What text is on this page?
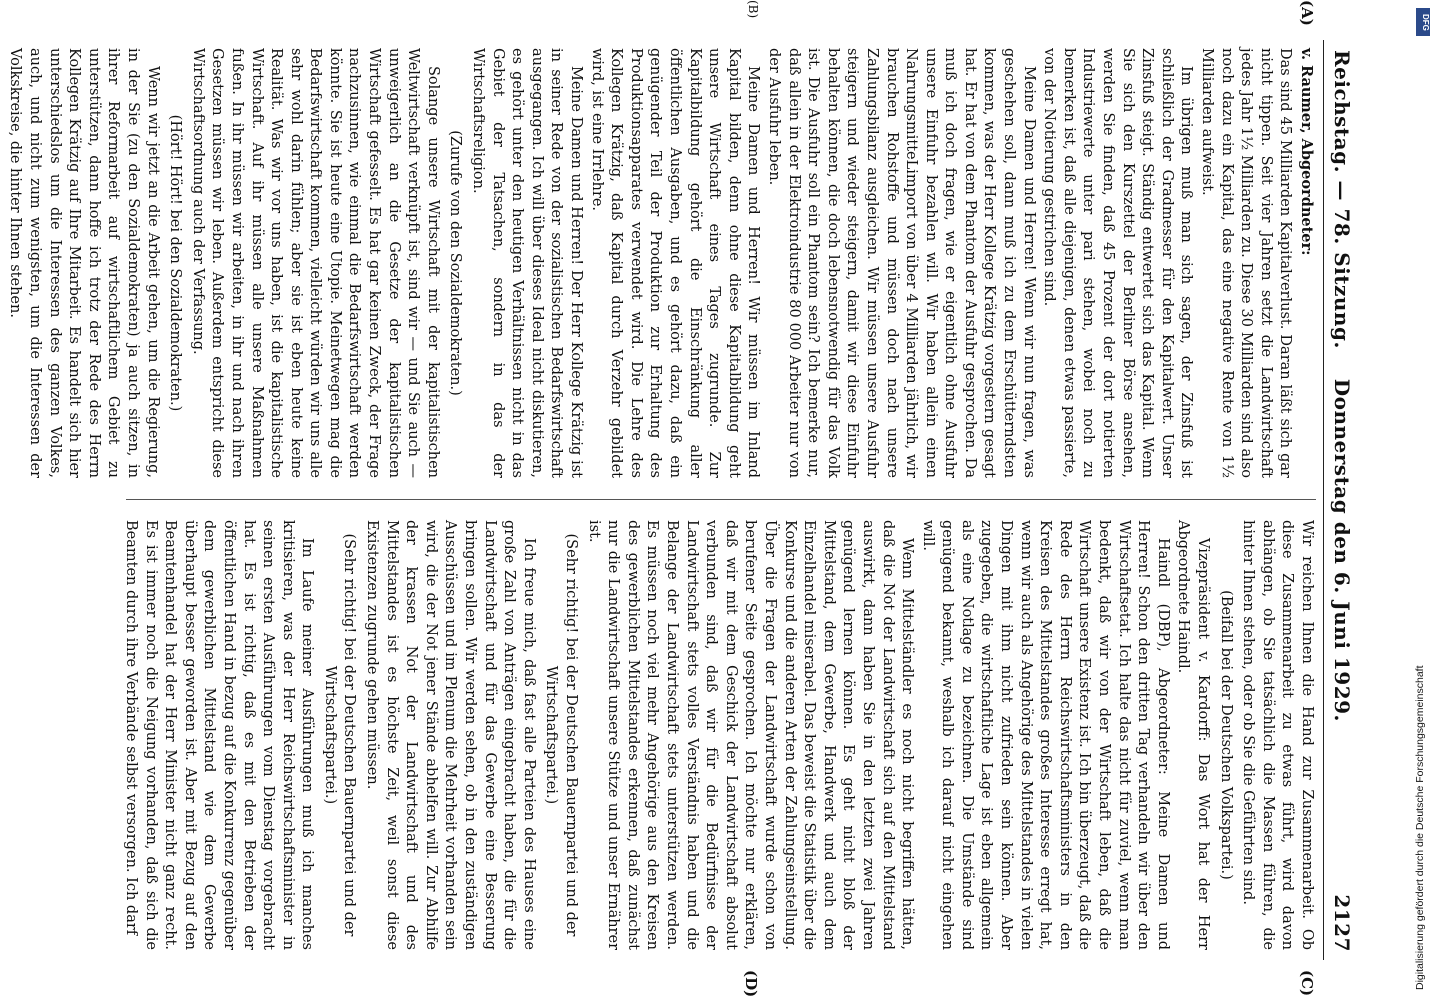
DFG
Digitalisierung gefördert durch die Deutsche Forschungsgemeinschaft
Reichstag. — 78. Sitzung.    Donnerstag den 6. Juni 1929.
2127
(A)
(B)
(C)
(D)

v. Raumer, Abgeordneter:

Das sind 45 Milliarden Kapitalverlust. Daran läßt sich gar nicht tippen. Seit vier Jahren setzt die Landwirtschaft jedes Jahr 1½ Milliarden zu. Diese 30 Milliarden sind also noch dazu ein Kapital, das eine negative Rente von 1½ Milliarden aufweist.

Im übrigen muß man sich sagen, der Zinsfuß ist schließlich der Gradmesser für den Kapitalwert. Unser Zinsfuß steigt. Ständig entwertet sich das Kapital. Wenn Sie sich den Kurszettel der Berliner Börse ansehen, werden Sie finden, daß 45 Prozent der dort notierten Industriewerte unter pari stehen, wobei noch zu bemerken ist, daß alle diejenigen, denen etwas passierte, von der Notierung gestrichen sind.

Meine Damen und Herren! Wenn wir nun fragen, was geschehen soll, dann muß ich zu dem Erschütterndsten kommen, was der Herr Kollege Krätzig vorgestern gesagt hat. Er hat von dem Phantom der Ausfuhr gesprochen. Da muß ich doch fragen, wie er eigentlich ohne Ausfuhr unsere Einfuhr bezahlen will. Wir haben allein einen NahrungsmitteLimport von über 4 Milliarden jährlich, wir brauchen Rohstoffe und müssen doch nach unsere Zahlungsbilanz ausgleichen. Wir müssen unsere Ausfuhr steigern und wieder steigern, damit wir diese Einfuhr behalten können, die doch lebensnotwendig für das Volk ist. Die Ausfuhr soll ein Phantom sein? Ich bemerke nur, daß allein in der Elektroindustrie 80 000 Arbeiter nur von der Ausfuhr leben.

Meine Damen und Herren! Wir müssen im Inland Kapital bilden, denn ohne diese Kapitalbildung geht unsere Wirtschaft eines Tages zugrunde. Zur Kapitalbildung gehört die Einschränkung aller öffentlichen Ausgaben, und es gehört dazu, daß ein genügender Teil der Produktion zur Erhaltung des Produktionsapparates verwendet wird. Die Lehre des Kollegen Krätzig, daß Kapital durch Verzehr gebildet wird, ist eine Irrlehre.

Meine Damen und Herren! Der Herr Kollege Krätzig ist in seiner Rede von der sozialistischen Bedarfswirtschaft ausgegangen. Ich will über dieses Ideal nicht diskutieren, es gehört unter den heutigen Verhältnissen nicht in das Gebiet der Tatsachen, sondern in das der Wirtschaftsreligion.

(Zurufe von den Sozialdemokraten.)

Solange unsere Wirtschaft mit der kapitalistischen Weltwirtschaft verknüpft ist, sind wir — und Sie auch — unweigerlich an die Gesetze der kapitalistischen Wirtschaft gefesselt. Es hat gar keinen Zweck, der Frage nachzusinnen, wie einmal die Bedarfswirtschaft werden könnte. Sie ist heute eine Utopie. Meinetwegen mag die Bedarfswirtschaft kommen, vielleicht würden wir uns alle sehr wohl darin fühlen; aber sie ist eben heute keine Realität. Was wir vor uns haben, ist die kapitalistische Wirtschaft. Auf ihr müssen alle unsere Maßnahmen fußen. In ihr müssen wir arbeiten, in ihr und nach ihren Gesetzen müssen wir leben. Außerdem entspricht diese Wirtschaftsordnung auch der Verfassung.

(Hört! Hört! bei den Sozialdemokraten.)

Wenn wir jetzt an die Arbeit gehen, um die Regierung, in der Sie (zu den Sozialdemokraten) ja auch sitzen, in ihrer Reformarbeit auf wirtschaftlichem Gebiet zu unterstützen, dann hoffe ich trotz der Rede des Herrn Kollegen Krätzig auf Ihre Mitarbeit. Es handelt sich hier unterschiedslos um die Interessen des ganzen Volkes, auch, und nicht zum wenigsten, um die Interessen der Volkskreise, die hinter Ihnen stehen.

Wir reichen Ihnen die Hand zur Zusammenarbeit. Ob diese Zusammenarbeit zu etwas führt, wird davon abhängen, ob Sie tatsächlich die Massen führen, die hinter Ihnen stehen, oder ob Sie die Geführten sind.

(Beifall bei der Deutschen Volkspartei.)

Vizepräsident v. Kardorff: Das Wort hat der Herr Abgeordnete Haindl.

Haindl (DBP), Abgeordneter: Meine Damen und Herren! Schon den dritten Tag verhandeln wir über den Wirtschaftsetat. Ich halte das nicht für zuviel, wenn man bedenkt, daß wir von der Wirtschaft leben, daß die Wirtschaft unsere Existenz ist. Ich bin überzeugt, daß die Rede des Herrn Reichswirtschaftsministers in den Kreisen des Mittelstandes großes Interesse erregt hat, wenn wir auch als Angehörige des Mittelstandes in vielen Dingen mit ihm nicht zufrieden sein können. Aber zugegeben, die wirtschaftliche Lage ist eben allgemein als eine Notlage zu bezeichnen. Die Umstände sind genügend bekannt, weshalb ich darauf nicht eingehen will.

Wenn Mittelständler es noch nicht begriffen hätten, daß die Not der Landwirtschaft sich auf den Mittelstand auswirkt, dann haben Sie in den letzten zwei Jahren genügend lernen können. Es geht nicht bloß der Mittelstand, dem Gewerbe, Handwerk und auch dem Einzelhandel miserabel. Das beweist die Statistik über die Konkurse und die anderen Arten der Zahlungseinstellung. Über die Fragen der Landwirtschaft wurde schon von berufener Seite gesprochen. Ich möchte nur erklären, daß wir mit dem Geschick der Landwirtschaft absolut verbunden sind, daß wir für die Bedürfnisse der Landwirtschaft stets volles Verständnis haben und die Belange der Landwirtschaft stets unterstützen werden. Es müssen noch viel mehr Angehörige aus den Kreisen des gewerblichen Mittelstandes erkennen, daß zunächst nur die Landwirtschaft unsere Stütze und unser Ernährer ist.

(Sehr richtig! bei der Deutschen Bauernpartei und der Wirtschaftspartei.)

Ich freue mich, daß fast alle Parteien des Hauses eine große Zahl von Anträgen eingebracht haben, die für die Landwirtschaft und für das Gewerbe eine Besserung bringen sollen. Wir werden sehen, ob in den zuständigen Ausschüssen und im Plenum die Mehrheit vorhanden sein wird, die der Not jener Stände abhelfen will. Zur Abhilfe der krassen Not der Landwirtschaft und des Mittelstandes ist es höchste Zeit, weil sonst diese Existenzen zugrunde gehen müssen.

(Sehr richtig! bei der Deutschen Bauernpartei und der Wirtschaftspartei.)

Im Laufe meiner Ausführungen muß ich manches kritisieren, was der Herr Reichswirtschaftsminister in seinen ersten Ausführungen vom Dienstag vorgebracht hat. Es ist richtig, daß es mit den Betrieben der öffentlichen Hand in bezug auf die Konkurrenz gegenüber dem gewerblichen Mittelstand wie dem Gewerbe überhaupt besser geworden ist. Aber mit Bezug auf den Beamtenhandel hat der Herr Minister nicht ganz recht. Es ist immer noch die Neigung vorhanden, daß sich die Beamten durch ihre Verbände selbst versorgen. Ich darf
